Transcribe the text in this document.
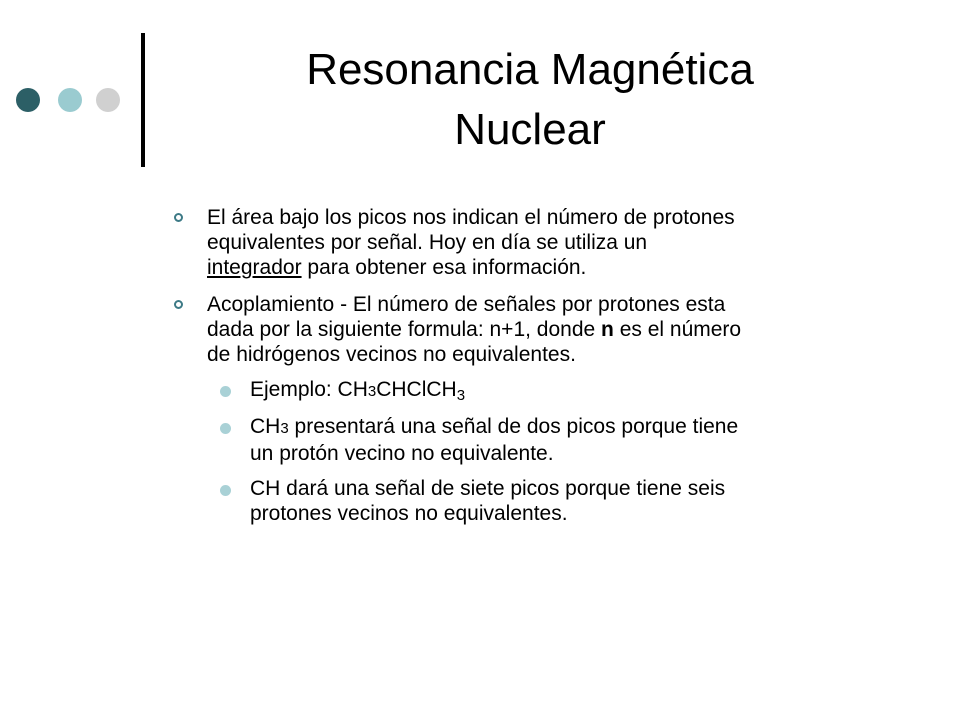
Resonancia Magnética
Nuclear
El área bajo los picos nos indican el número de protones
equivalentes por señal. Hoy en día se utiliza un
integrador para obtener esa información.
Acoplamiento - El número de señales por protones esta
dada por la siguiente formula: n+1, donde n es el número
de hidrógenos vecinos no equivalentes.
Ejemplo: CH3CHClCH$_3$
CH3 presentará una señal de dos picos porque tiene
un protón vecino no equivalente.
CH dará una señal de siete picos porque tiene seis
protones vecinos no equivalentes.
